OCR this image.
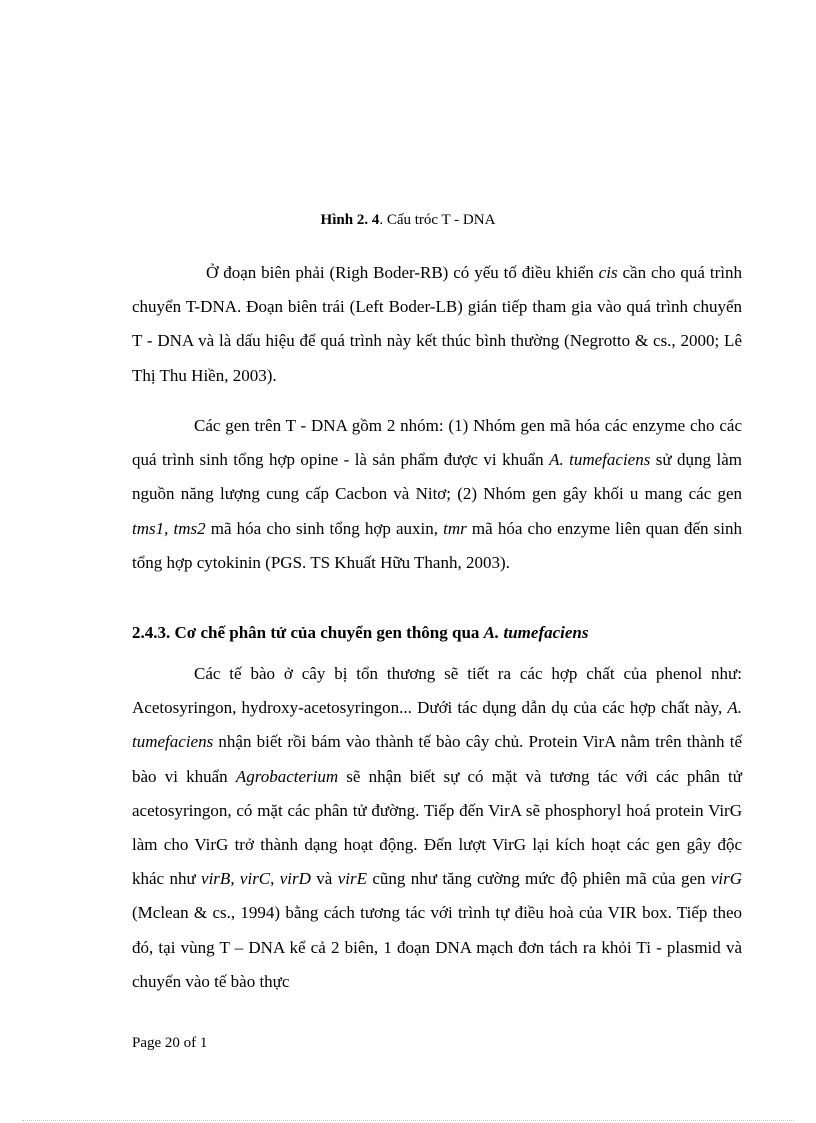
Hình 2. 4. Cấu tróc T - DNA

Ở đoạn biên phải (Righ Boder-RB) có yếu tố điều khiển cis cần cho quá trình chuyển T-DNA. Đoạn biên trái (Left Boder-LB) gián tiếp tham gia vào quá trình chuyển T - DNA và là dấu hiệu để quá trình này kết thúc bình thường (Negrotto & cs., 2000; Lê Thị Thu Hiền, 2003).

Các gen trên T - DNA gồm 2 nhóm: (1) Nhóm gen mã hóa các enzyme cho các quá trình sinh tổng hợp opine - là sản phẩm được vi khuẩn A. tumefaciens sử dụng làm nguồn năng lượng cung cấp Cacbon và Nitơ; (2) Nhóm gen gây khối u mang các gen tms1, tms2 mã hóa cho sinh tổng hợp auxin, tmr mã hóa cho enzyme liên quan đến sinh tổng hợp cytokinin (PGS. TS Khuất Hữu Thanh, 2003).

2.4.3. Cơ chế phân tử của chuyển gen thông qua A. tumefaciens

Các tế bào ở cây bị tổn thương sẽ tiết ra các hợp chất của phenol như: Acetosyringon, hydroxy-acetosyringon... Dưới tác dụng dẫn dụ của các hợp chất này, A. tumefaciens nhận biết rồi bám vào thành tế bào cây chủ. Protein VirA nằm trên thành tế bào vi khuẩn Agrobacterium sẽ nhận biết sự có mặt và tương tác với các phân tử acetosyringon, có mặt các phân tử đường. Tiếp đến VirA sẽ phosphoryl hoá protein VirG làm cho VirG trở thành dạng hoạt động. Đến lượt VirG lại kích hoạt các gen gây độc khác như virB, virC, virD và virE cũng như tăng cường mức độ phiên mã của gen virG (Mclean & cs., 1994) bằng cách tương tác với trình tự điều hoà của VIR box. Tiếp theo đó, tại vùng T – DNA kể cả 2 biên, 1 đoạn DNA mạch đơn tách ra khỏi Ti - plasmid và chuyển vào tế bào thực

Page 20 of 1
